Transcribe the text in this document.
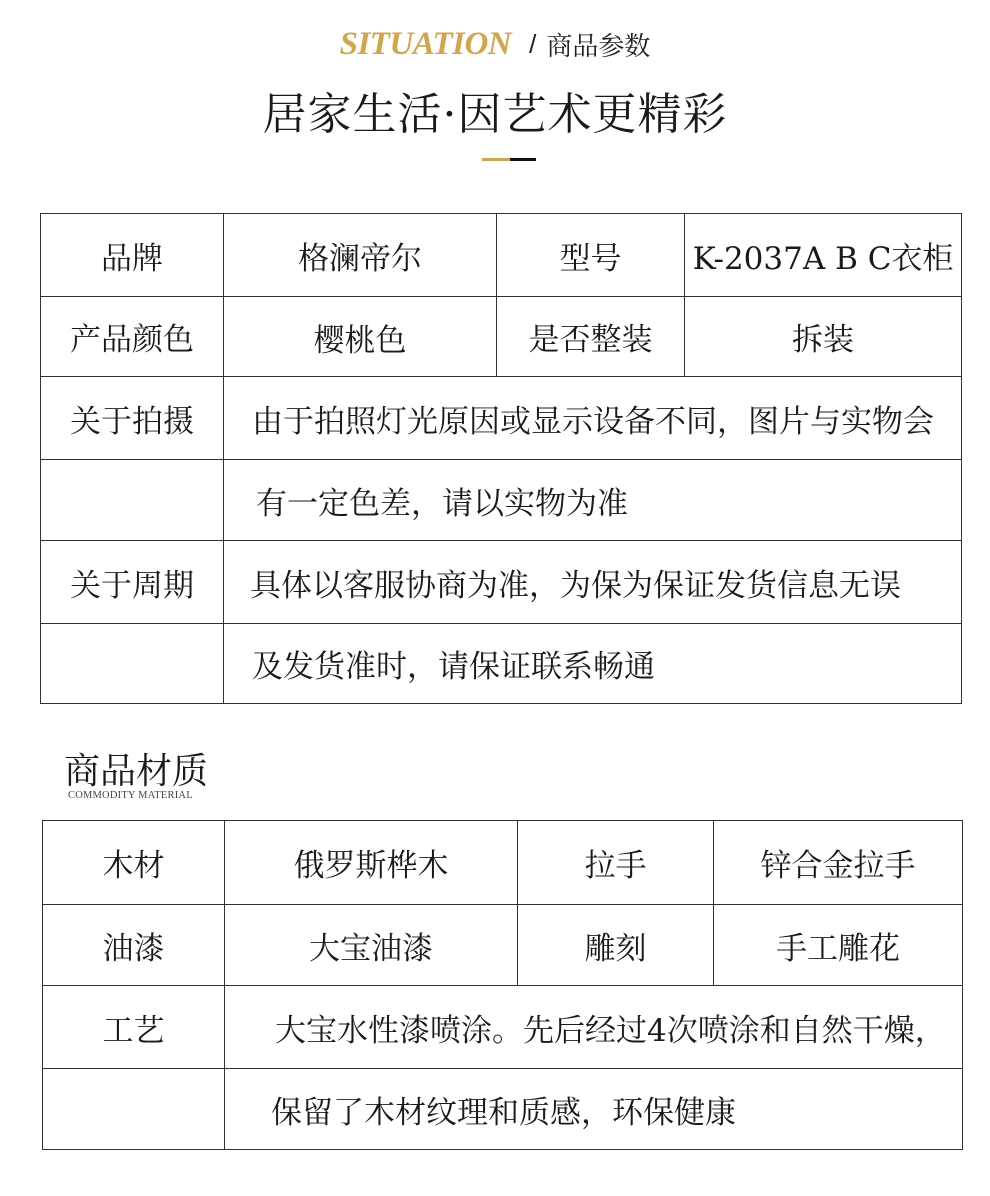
SITUATION / 商品参数
居家生活·因艺术更精彩
品牌	格澜帝尔	型号	K-2037A B C衣柜
产品颜色	樱桃色	是否整装	拆装
关于拍摄	由于拍照灯光原因或显示设备不同，图片与实物会		
	有一定色差，请以实物为准		
关于周期	具体以客服协商为准，为保为保证发货信息无误		
	及发货准时，请保证联系畅通		
商品材质
COMMODITY MATERIAL
木材	俄罗斯桦木	拉手	锌合金拉手
油漆	大宝油漆	雕刻	手工雕花
工艺	大宝水性漆喷涂。先后经过4次喷涂和自然干燥，		
	保留了木材纹理和质感，环保健康		
